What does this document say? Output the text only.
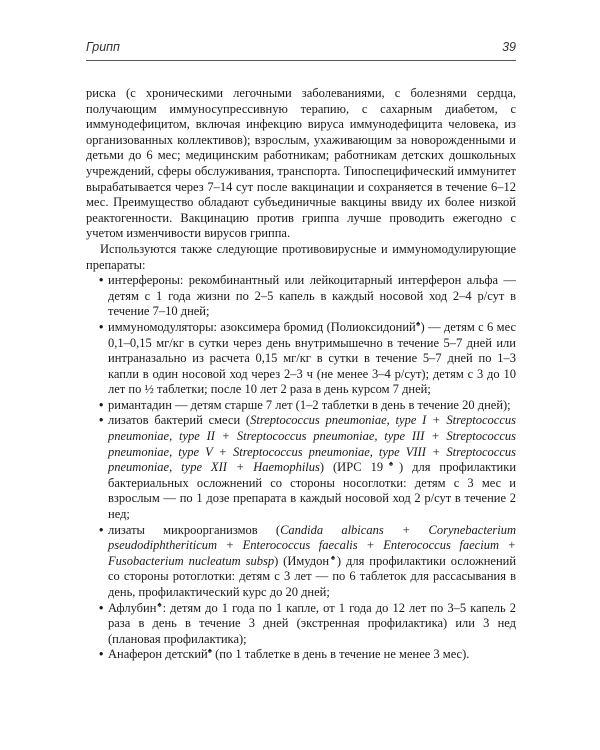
Грипп	39

риска (с хроническими легочными заболеваниями, с болезнями сердца, получающим иммуносупрессивную терапию, с сахарным диабетом, с иммунодефицитом, включая инфекцию вируса иммунодефицита человека, из организованных коллективов); взрослым, ухаживающим за новорожденными и детьми до 6 мес; медицинским работникам; работникам детских дошкольных учреждений, сферы обслуживания, транспорта. Типоспецифический иммунитет вырабатывается через 7–14 сут после вакцинации и сохраняется в течение 6–12 мес. Преимущество обладают субъединичные вакцины ввиду их более низкой реактогенности. Вакцинацию против гриппа лучше проводить ежегодно с учетом изменчивости вирусов гриппа.

Используются также следующие противовирусные и иммуномодулирующие препараты:

• интерфероны: рекомбинантный или лейкоцитарный интерферон альфа — детям с 1 года жизни по 2–5 капель в каждый носовой ход 2–4 р/сут в течение 7–10 дней;
• иммуномодуляторы: азоксимера бромид (Полиоксидоний♠) — детям с 6 мес 0,1–0,15 мг/кг в сутки через день внутримышечно в течение 5–7 дней или интраназально из расчета 0,15 мг/кг в сутки в течение 5–7 дней по 1–3 капли в один носовой ход через 2–3 ч (не менее 3–4 р/сут); детям с 3 до 10 лет по ½ таблетки; после 10 лет 2 раза в день курсом 7 дней;
• римантадин — детям старше 7 лет (1–2 таблетки в день в течение 20 дней);
• лизатов бактерий смеси (Streptococcus pneumoniae, type I + Streptococcus pneumoniae, type II + Streptococcus pneumoniae, type III + Streptococcus pneumoniae, type V + Streptococcus pneumoniae, type VIII + Streptococcus pneumoniae, type XII + Haemophilus) (ИРС 19♠) для профилактики бактериальных осложнений со стороны носоглотки: детям с 3 мес и взрослым — по 1 дозе препарата в каждый носовой ход 2 р/сут в течение 2 нед;
• лизаты микроорганизмов (Candida albicans + Corynebacterium pseudodiphtheriticum + Enterococcus faecalis + Enterococcus faecium + Fusobacterium nucleatum subsp) (Имудон♠) для профилактики осложнений со стороны ротоглотки: детям с 3 лет — по 6 таблеток для рассасывания в день, профилактический курс до 20 дней;
• Афлубин♠: детям до 1 года по 1 капле, от 1 года до 12 лет по 3–5 капель 2 раза в день в течение 3 дней (экстренная профилактика) или 3 нед (плановая профилактика);
• Анаферон детский♠ (по 1 таблетке в день в течение не менее 3 мес).
